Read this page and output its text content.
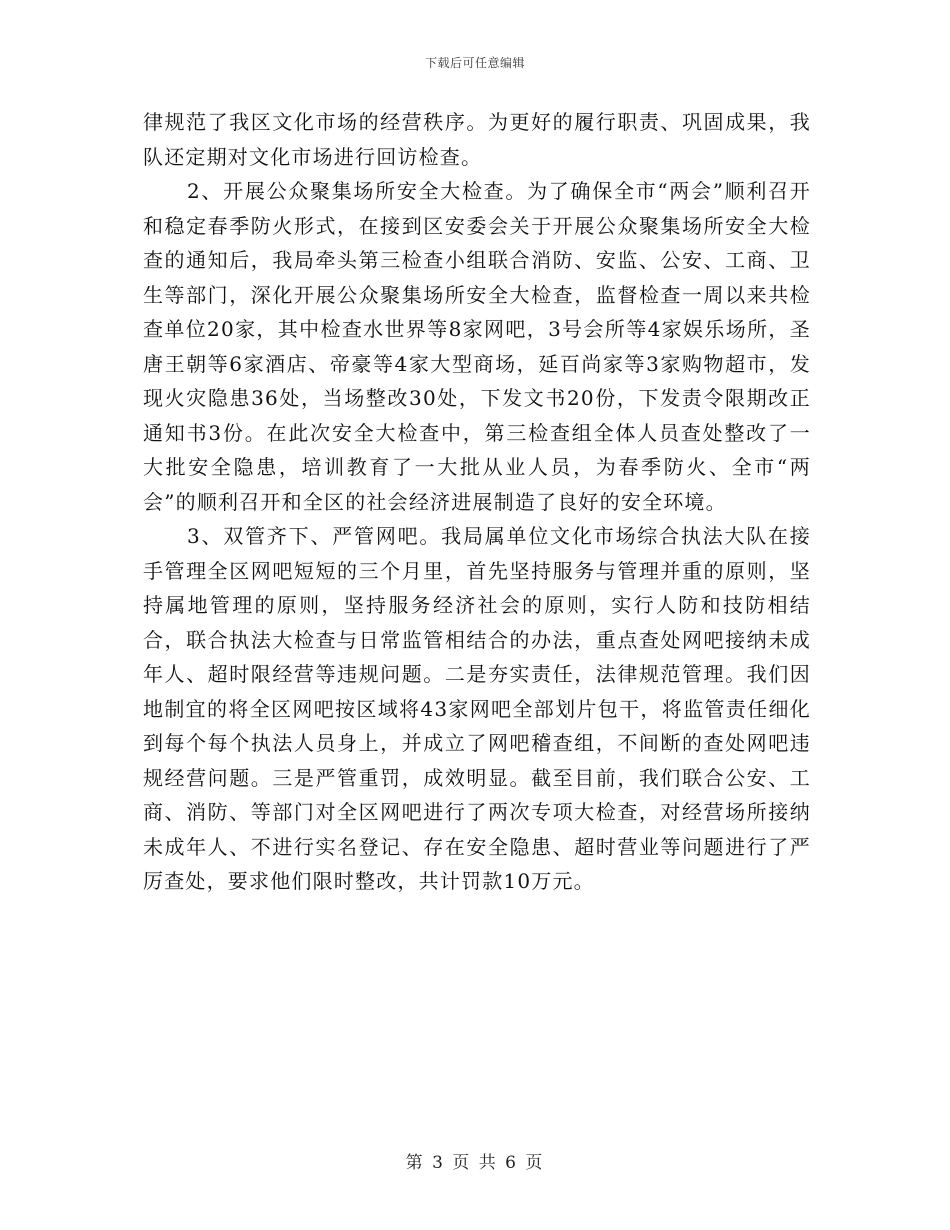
下载后可任意编辑

律规范了我区文化市场的经营秩序。为更好的履行职责、巩固成果，我队还定期对文化市场进行回访检查。

2、开展公众聚集场所安全大检查。为了确保全市“两会”顺利召开和稳定春季防火形式，在接到区安委会关于开展公众聚集场所安全大检查的通知后，我局牵头第三检查小组联合消防、安监、公安、工商、卫生等部门，深化开展公众聚集场所安全大检查，监督检查一周以来共检查单位20家，其中检查水世界等8家网吧，3号会所等4家娱乐场所，圣唐王朝等6家酒店、帝豪等4家大型商场，延百尚家等3家购物超市，发现火灾隐患36处，当场整改30处，下发文书20份，下发责令限期改正通知书3份。在此次安全大检查中，第三检查组全体人员查处整改了一大批安全隐患，培训教育了一大批从业人员，为春季防火、全市“两会”的顺利召开和全区的社会经济进展制造了良好的安全环境。

3、双管齐下、严管网吧。我局属单位文化市场综合执法大队在接手管理全区网吧短短的三个月里，首先坚持服务与管理并重的原则，坚持属地管理的原则，坚持服务经济社会的原则，实行人防和技防相结合，联合执法大检查与日常监管相结合的办法，重点查处网吧接纳未成年人、超时限经营等违规问题。二是夯实责任，法律规范管理。我们因地制宜的将全区网吧按区域将43家网吧全部划片包干，将监管责任细化到每个每个执法人员身上，并成立了网吧稽查组，不间断的查处网吧违规经营问题。三是严管重罚，成效明显。截至目前，我们联合公安、工商、消防、等部门对全区网吧进行了两次专项大检查，对经营场所接纳未成年人、不进行实名登记、存在安全隐患、超时营业等问题进行了严厉查处，要求他们限时整改，共计罚款10万元。

第 3 页 共 6 页
